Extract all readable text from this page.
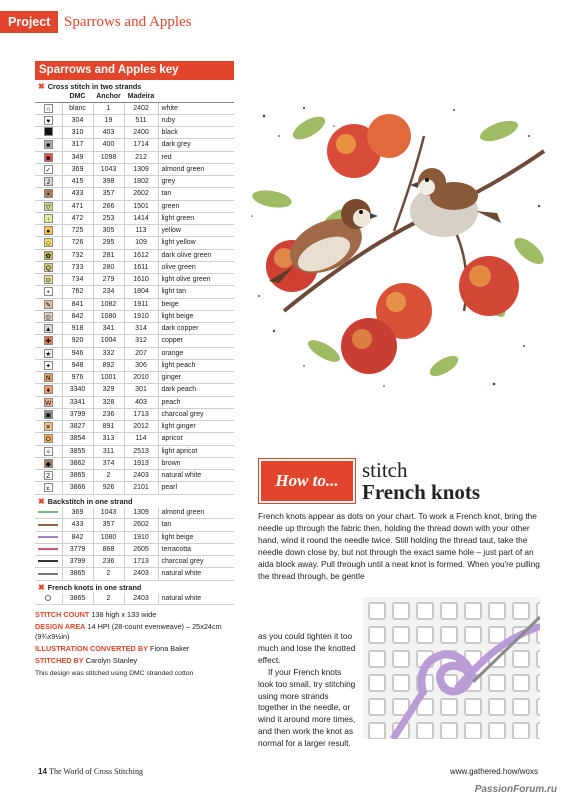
Project Sparrows and Apples
Sparrows and Apples key
✖ Cross stitch in two strands
	DMC	Anchor	Madeira	
∩	blanc	1	2402	white
♥	304	19	511	ruby
	310	403	2400	black
■	317	400	1714	dark grey
■	349	1098	212	red
✓	369	1043	1309	almond green
J	415	398	1802	grey
▪	433	357	2602	tan
▽	471	266	1501	green
↑	472	253	1414	light green
●	725	305	113	yellow
◇	726	295	109	light yellow
✿	732	281	1612	dark olive green
Q	733	280	1611	olive green
⊙	734	279	1610	light olive green
•	762	234	1804	light tan
✎	841	1082	1911	beige
◎	842	1080	1910	light beige
▲	918	341	314	dark copper
✚	920	1004	312	copper
★	946	332	207	orange
✦	948	892	306	light peach
N	976	1001	2010	ginger
♦	3340	329	301	dark peach
W	3341	328	403	peach
▣	3799	236	1713	charcoal grey
✕	3827	891	2012	light ginger
O	3854	313	114	apricot
✧	3855	311	2513	light apricot
◆	3862	374	1913	brown
Z	3865	2	2403	natural white
ఽ	3866	926	2101	pearl
✖ Backstitch in one strand
	369	1043	1309	almond green
	433	357	2602	tan
	842	1080	1910	light beige
	3779	868	2605	terracotta
	3799	236	1713	charcoal grey
	3865	2	2403	natural white
✖ French knots in one strand
	3865	2	2403	natural white

STITCH COUNT 138 high x 133 wide

DESIGN AREA 14 HPI (28-count evenweave) – 25x24cm (9¾x9½in)

ILLUSTRATION CONVERTED BY Fiona Baker

STITCHED BY Carolyn Stanley

This design was stitched using DMC stranded cotton

How to...	stitch
French knots
French knots appear as dots on your chart. To work a French knot, bring the needle up through the fabric then, holding the thread down with your other hand, wind it round the needle twice. Still holding the thread taut, take the needle down close by, but not through the exact same hole – just part of an aida block away. Pull through until a neat knot is formed. When you're pulling the thread through, be gentle

as you could tighten it too much and lose the knotted effect.

If your French knots look too small, try stitching using more strands together in the needle, or wind it around more times, and then work the knot as normal for a larger result.

14 The World of Cross Stitching	www.gathered.how/woxs
PassionForum.ru
